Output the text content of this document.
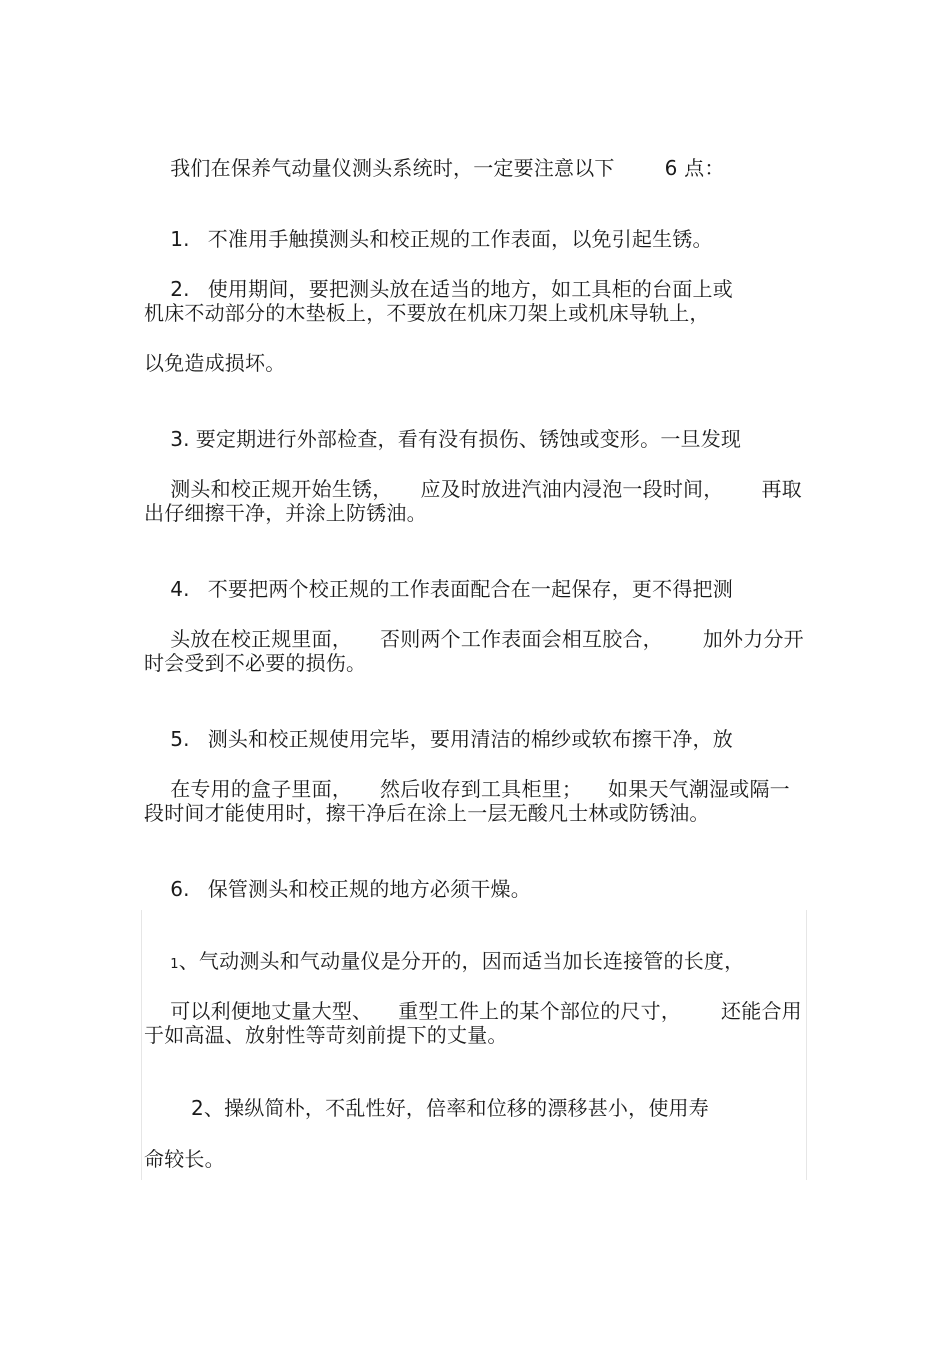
我们在保养气动量仪测头系统时，一定要注意以下	6 点：

1. 不准用手触摸测头和校正规的工作表面，以免引起生锈。

2. 使用期间，要把测头放在适当的地方，如工具柜的台面上或

机床不动部分的木垫板上，不要放在机床刀架上或机床导轨上，
以免造成损坏。

3. 要定期进行外部检查，看有没有损伤、锈蚀或变形。一旦发现

测头和校正规开始生锈， 应及时放进汽油内浸泡一段时间， 再取

出仔细擦干净，并涂上防锈油。

4. 不要把两个校正规的工作表面配合在一起保存，更不得把测

头放在校正规里面， 否则两个工作表面会相互胶合， 加外力分开

时会受到不必要的损伤。

5. 测头和校正规使用完毕，要用清洁的棉纱或软布擦干净，放

在专用的盒子里面， 然后收存到工具柜里； 如果天气潮湿或隔一

段时间才能使用时，擦干净后在涂上一层无酸凡士林或防锈油。

6. 保管测头和校正规的地方必须干燥。

1、气动测头和气动量仪是分开的，因而适当加长连接管的长度，

可以利便地丈量大型、 重型工件上的某个部位的尺寸， 还能合用

于如高温、放射性等苛刻前提下的丈量。
2、操纵简朴，不乱性好，倍率和位移的漂移甚小，使用寿
命较长。
